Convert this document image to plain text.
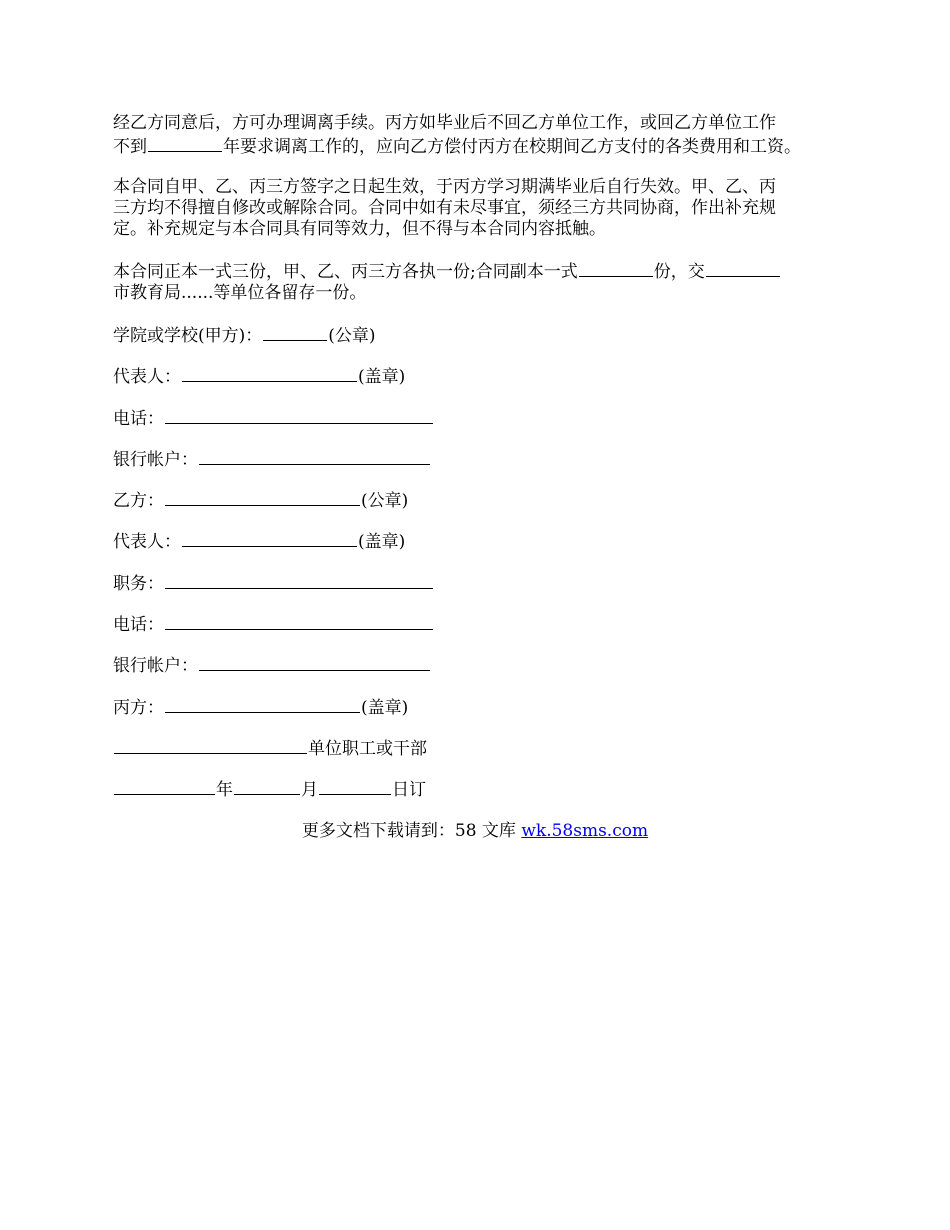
经乙方同意后，方可办理调离手续。丙方如毕业后不回乙方单位工作，或回乙方单位工作
不到	年要求调离工作的，应向乙方偿付丙方在校期间乙方支付的各类费用和工资。

本合同自甲、乙、丙三方签字之日起生效，于丙方学习期满毕业后自行失效。甲、乙、丙
三方均不得擅自修改或解除合同。合同中如有未尽事宜，须经三方共同协商，作出补充规
定。补充规定与本合同具有同等效力，但不得与本合同内容抵触。

本合同正本一式三份，甲、乙、丙三方各执一份;合同副本一式	份，交
市教育局......等单位各留存一份。

学院或学校(甲方)：	(公章)

代表人：	(盖章)

电话：

银行帐户：

乙方：	(公章)

代表人：	(盖章)

职务：

电话：

银行帐户：

丙方：	(盖章)

单位职工或干部

年	月	日订

更多文档下载请到：58 文库 wk.58sms.com
